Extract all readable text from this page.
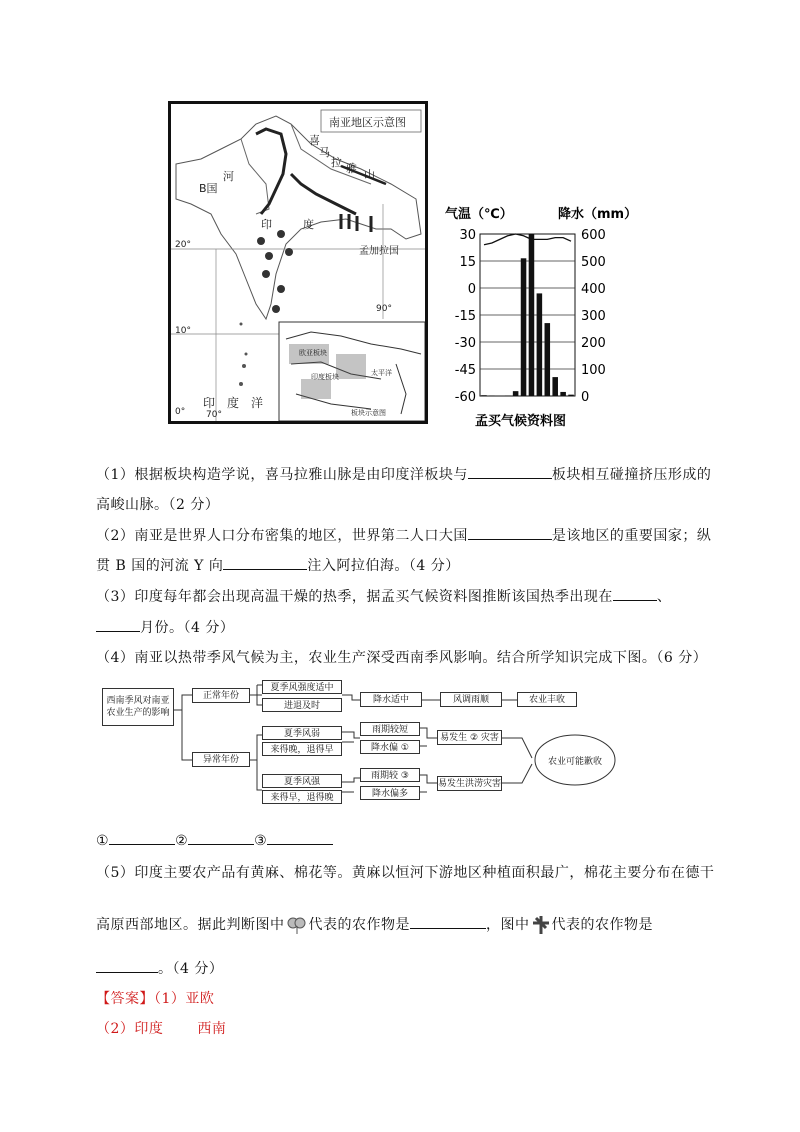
南亚地区示意图
喜
马
拉 雅 山
B国
河
印	度
孟加拉国
20°
10°
0°
90°
70°
印 度 洋
欧亚板块
印度板块	太平洋
板块示意图
气温（℃）	降水（mm）
30
15
0
-15
-30
-45
-60
600
500
400
300
200
100
0
孟买气候资料图
（1）根据板块构造学说，喜马拉雅山脉是由印度洋板块与	板块相互碰撞挤压形成的
高峻山脉。（2 分）
（2）南亚是世界人口分布密集的地区，世界第二人口大国	是该地区的重要国家；纵
贯 B 国的河流 Y 向	注入阿拉伯海。（4 分）
（3）印度每年都会出现高温干燥的热季，据孟买气候资料图推断该国热季出现在	、
月份。（4 分）
（4）南亚以热带季风气候为主，农业生产深受西南季风影响。结合所学知识完成下图。（6 分）
西南季风对南亚农业生产的影响
正常年份
夏季风强度适中
进退及时
降水适中	风调雨顺	农业丰收
异常年份
夏季风弱
来得晚，退得早
雨期较短
降水偏 ①
易发生 ② 灾害
夏季风强
来得早，退得晚
雨期较 ③
降水偏多
易发生洪涝灾害
农业可能歉收
①	②	③
（5）印度主要农产品有黄麻、棉花等。黄麻以恒河下游地区种植面积最广，棉花主要分布在德干
高原西部地区。据此判断图中 代表的农作物是	，图中 代表的农作物是
。（4 分）
【答案】（1）亚欧
（2）印度 西南
